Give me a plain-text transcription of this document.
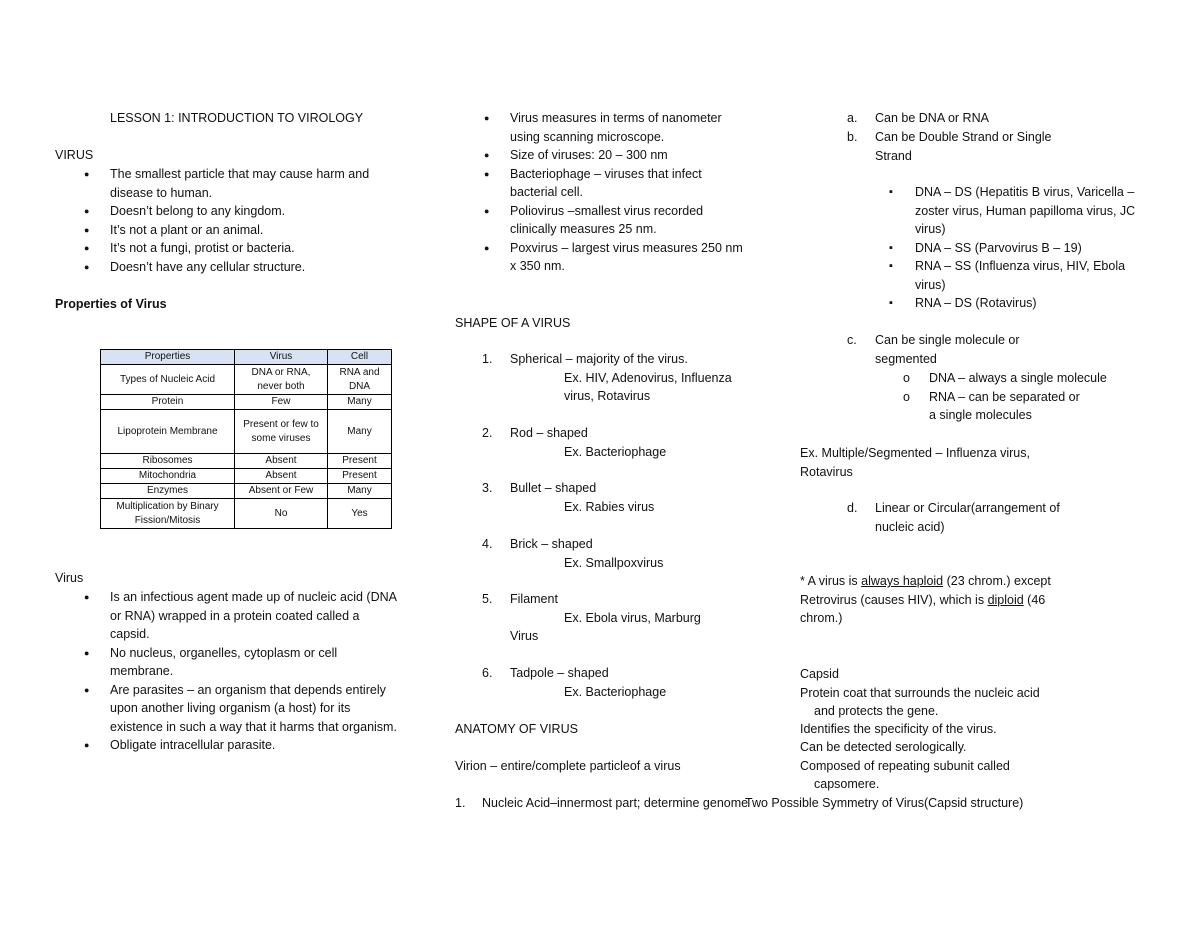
LESSON 1: INTRODUCTION TO VIROLOGY
VIRUS
● The smallest particle that may cause harm and disease to human.
● Doesn’t belong to any kingdom.
● It’s not a plant or an animal.
● It’s not a fungi, protist or bacteria.
● Doesn’t have any cellular structure.
Properties of Virus
Properties	Virus	Cell
Types of Nucleic Acid	DNA or RNA, never both	RNA and DNA
Protein	Few	Many
Lipoprotein Membrane	Present or few to some viruses	Many
Ribosomes	Absent	Present
Mitochondria	Absent	Present
Enzymes	Absent or Few	Many
Multiplication by Binary Fission/Mitosis	No	Yes
Virus
● Is an infectious agent made up of nucleic acid (DNA or RNA) wrapped in a protein coated called a capsid.
● No nucleus, organelles, cytoplasm or cell membrane.
● Are parasites – an organism that depends entirely upon another living organism (a host) for its existence in such a way that it harms that organism.
● Obligate intracellular parasite.
● Virus measures in terms of nanometer using scanning microscope.
● Size of viruses: 20 – 300 nm
● Bacteriophage – viruses that infect bacterial cell.
● Poliovirus –smallest virus recorded clinically measures 25 nm.
● Poxvirus – largest virus measures 250 nm x 350 nm.
SHAPE OF A VIRUS
1. Spherical – majority of the virus.
Ex. HIV, Adenovirus, Influenza virus, Rotavirus
2. Rod – shaped
Ex. Bacteriophage
3. Bullet – shaped
Ex. Rabies virus
4. Brick – shaped
Ex. Smallpoxvirus
5. Filament
Ex. Ebola virus, Marburg Virus
6. Tadpole – shaped
Ex. Bacteriophage
ANATOMY OF VIRUS
Virion – entire/complete particleof a virus
1. Nucleic Acid–innermost part; determine genome
Two Possible Symmetry of Virus(Capsid structure)
a. Can be DNA or RNA
b. Can be Double Strand or Single Strand
▪ DNA – DS (Hepatitis B virus, Varicella – zoster virus, Human papilloma virus, JC virus)
▪ DNA – SS (Parvovirus B – 19)
▪ RNA – SS (Influenza virus, HIV, Ebola virus)
▪ RNA – DS (Rotavirus)
c. Can be single molecule or segmented
o DNA – always a single molecule
o RNA – can be separated or a single molecules
Ex. Multiple/Segmented – Influenza virus, Rotavirus
d. Linear or Circular(arrangement of nucleic acid)
* A virus is always haploid (23 chrom.) except Retrovirus (causes HIV), which is diploid (46 chrom.)
Capsid
Protein coat that surrounds the nucleic acid
and protects the gene.
Identifies the specificity of the virus.
Can be detected serologically.
Composed of repeating subunit called
capsomere.
